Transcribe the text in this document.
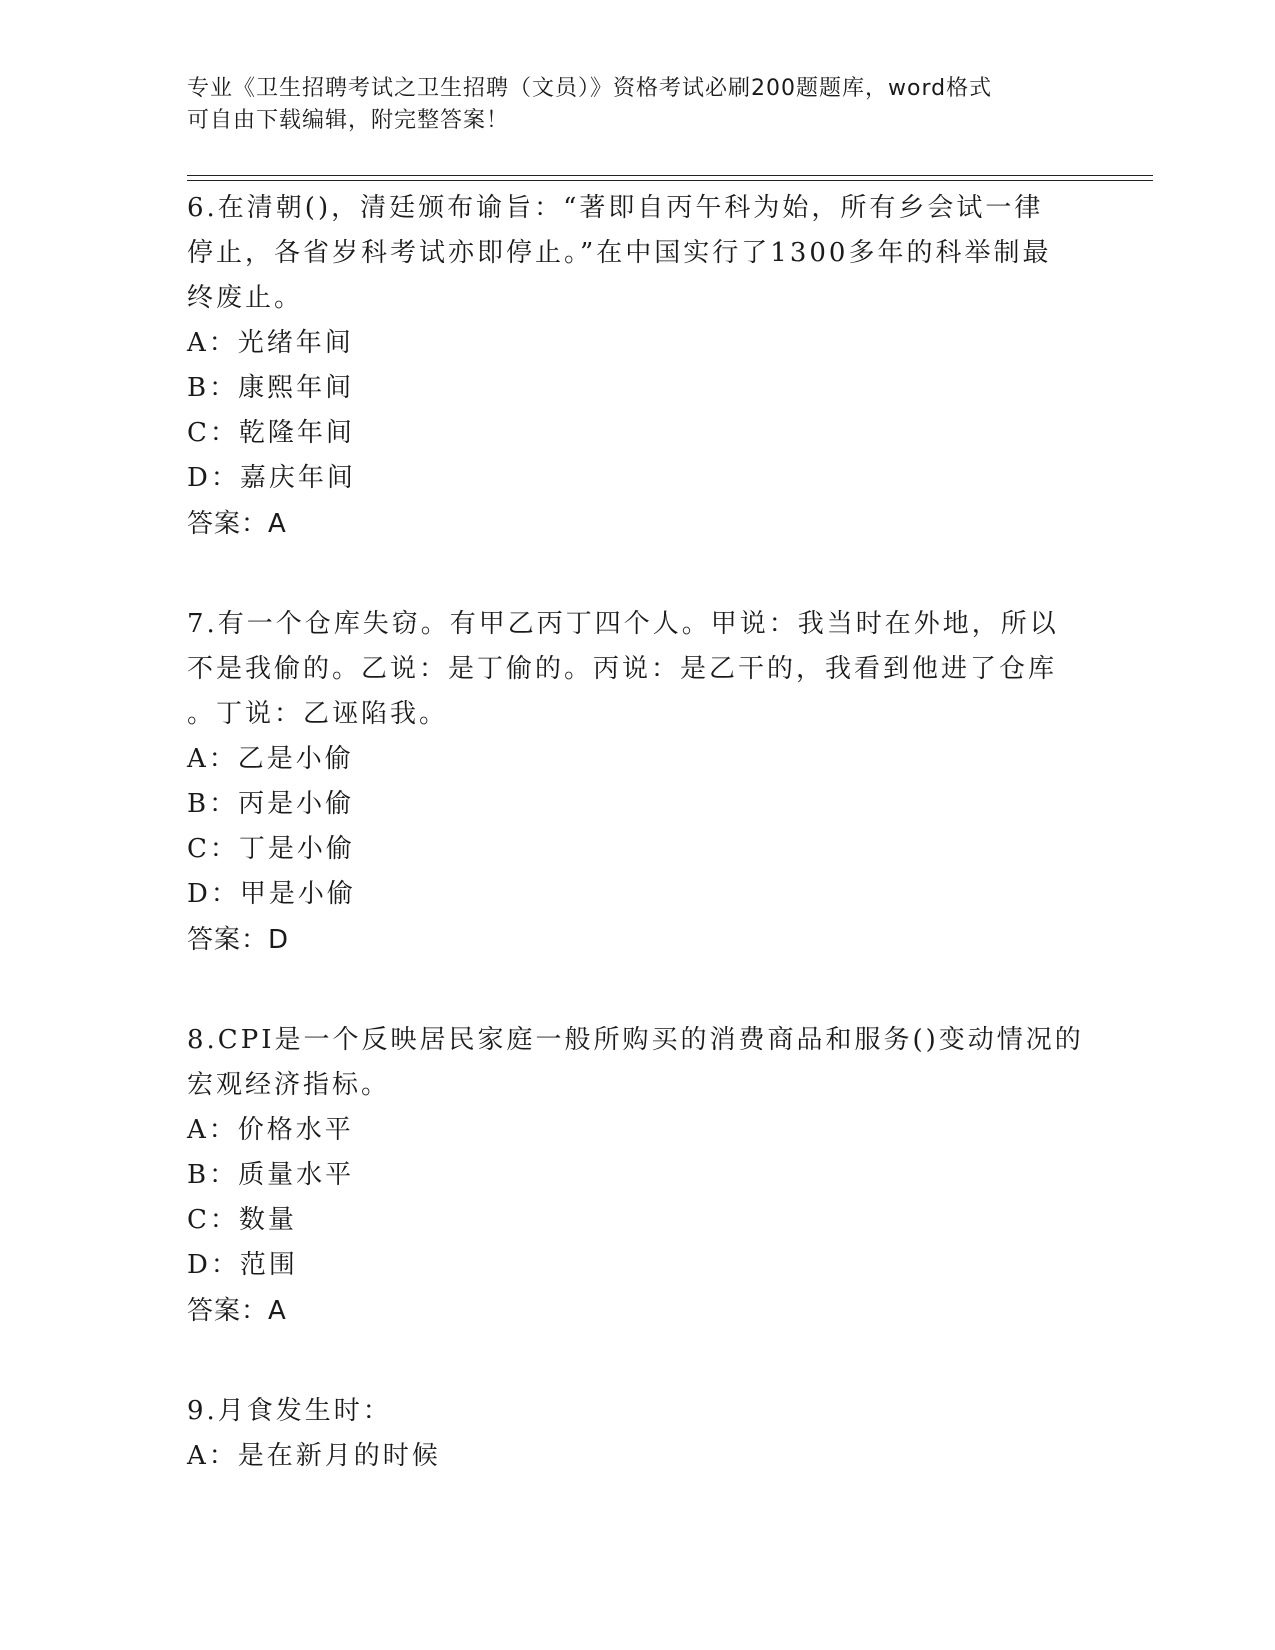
专业《卫生招聘考试之卫生招聘（文员）》资格考试必刷200题题库，word格式
可自由下载编辑，附完整答案！
6.在清朝()，清廷颁布谕旨：“著即自丙午科为始，所有乡会试一律
停止，各省岁科考试亦即停止。”在中国实行了1300多年的科举制最
终废止。
A：光绪年间
B：康熙年间
C：乾隆年间
D：嘉庆年间
答案：A
7.有一个仓库失窃。有甲乙丙丁四个人。甲说：我当时在外地，所以
不是我偷的。乙说：是丁偷的。丙说：是乙干的，我看到他进了仓库
。丁说：乙诬陷我。
A：乙是小偷
B：丙是小偷
C：丁是小偷
D：甲是小偷
答案：D
8.CPI是一个反映居民家庭一般所购买的消费商品和服务()变动情况的
宏观经济指标。
A：价格水平
B：质量水平
C：数量
D：范围
答案：A
9.月食发生时：
A：是在新月的时候
